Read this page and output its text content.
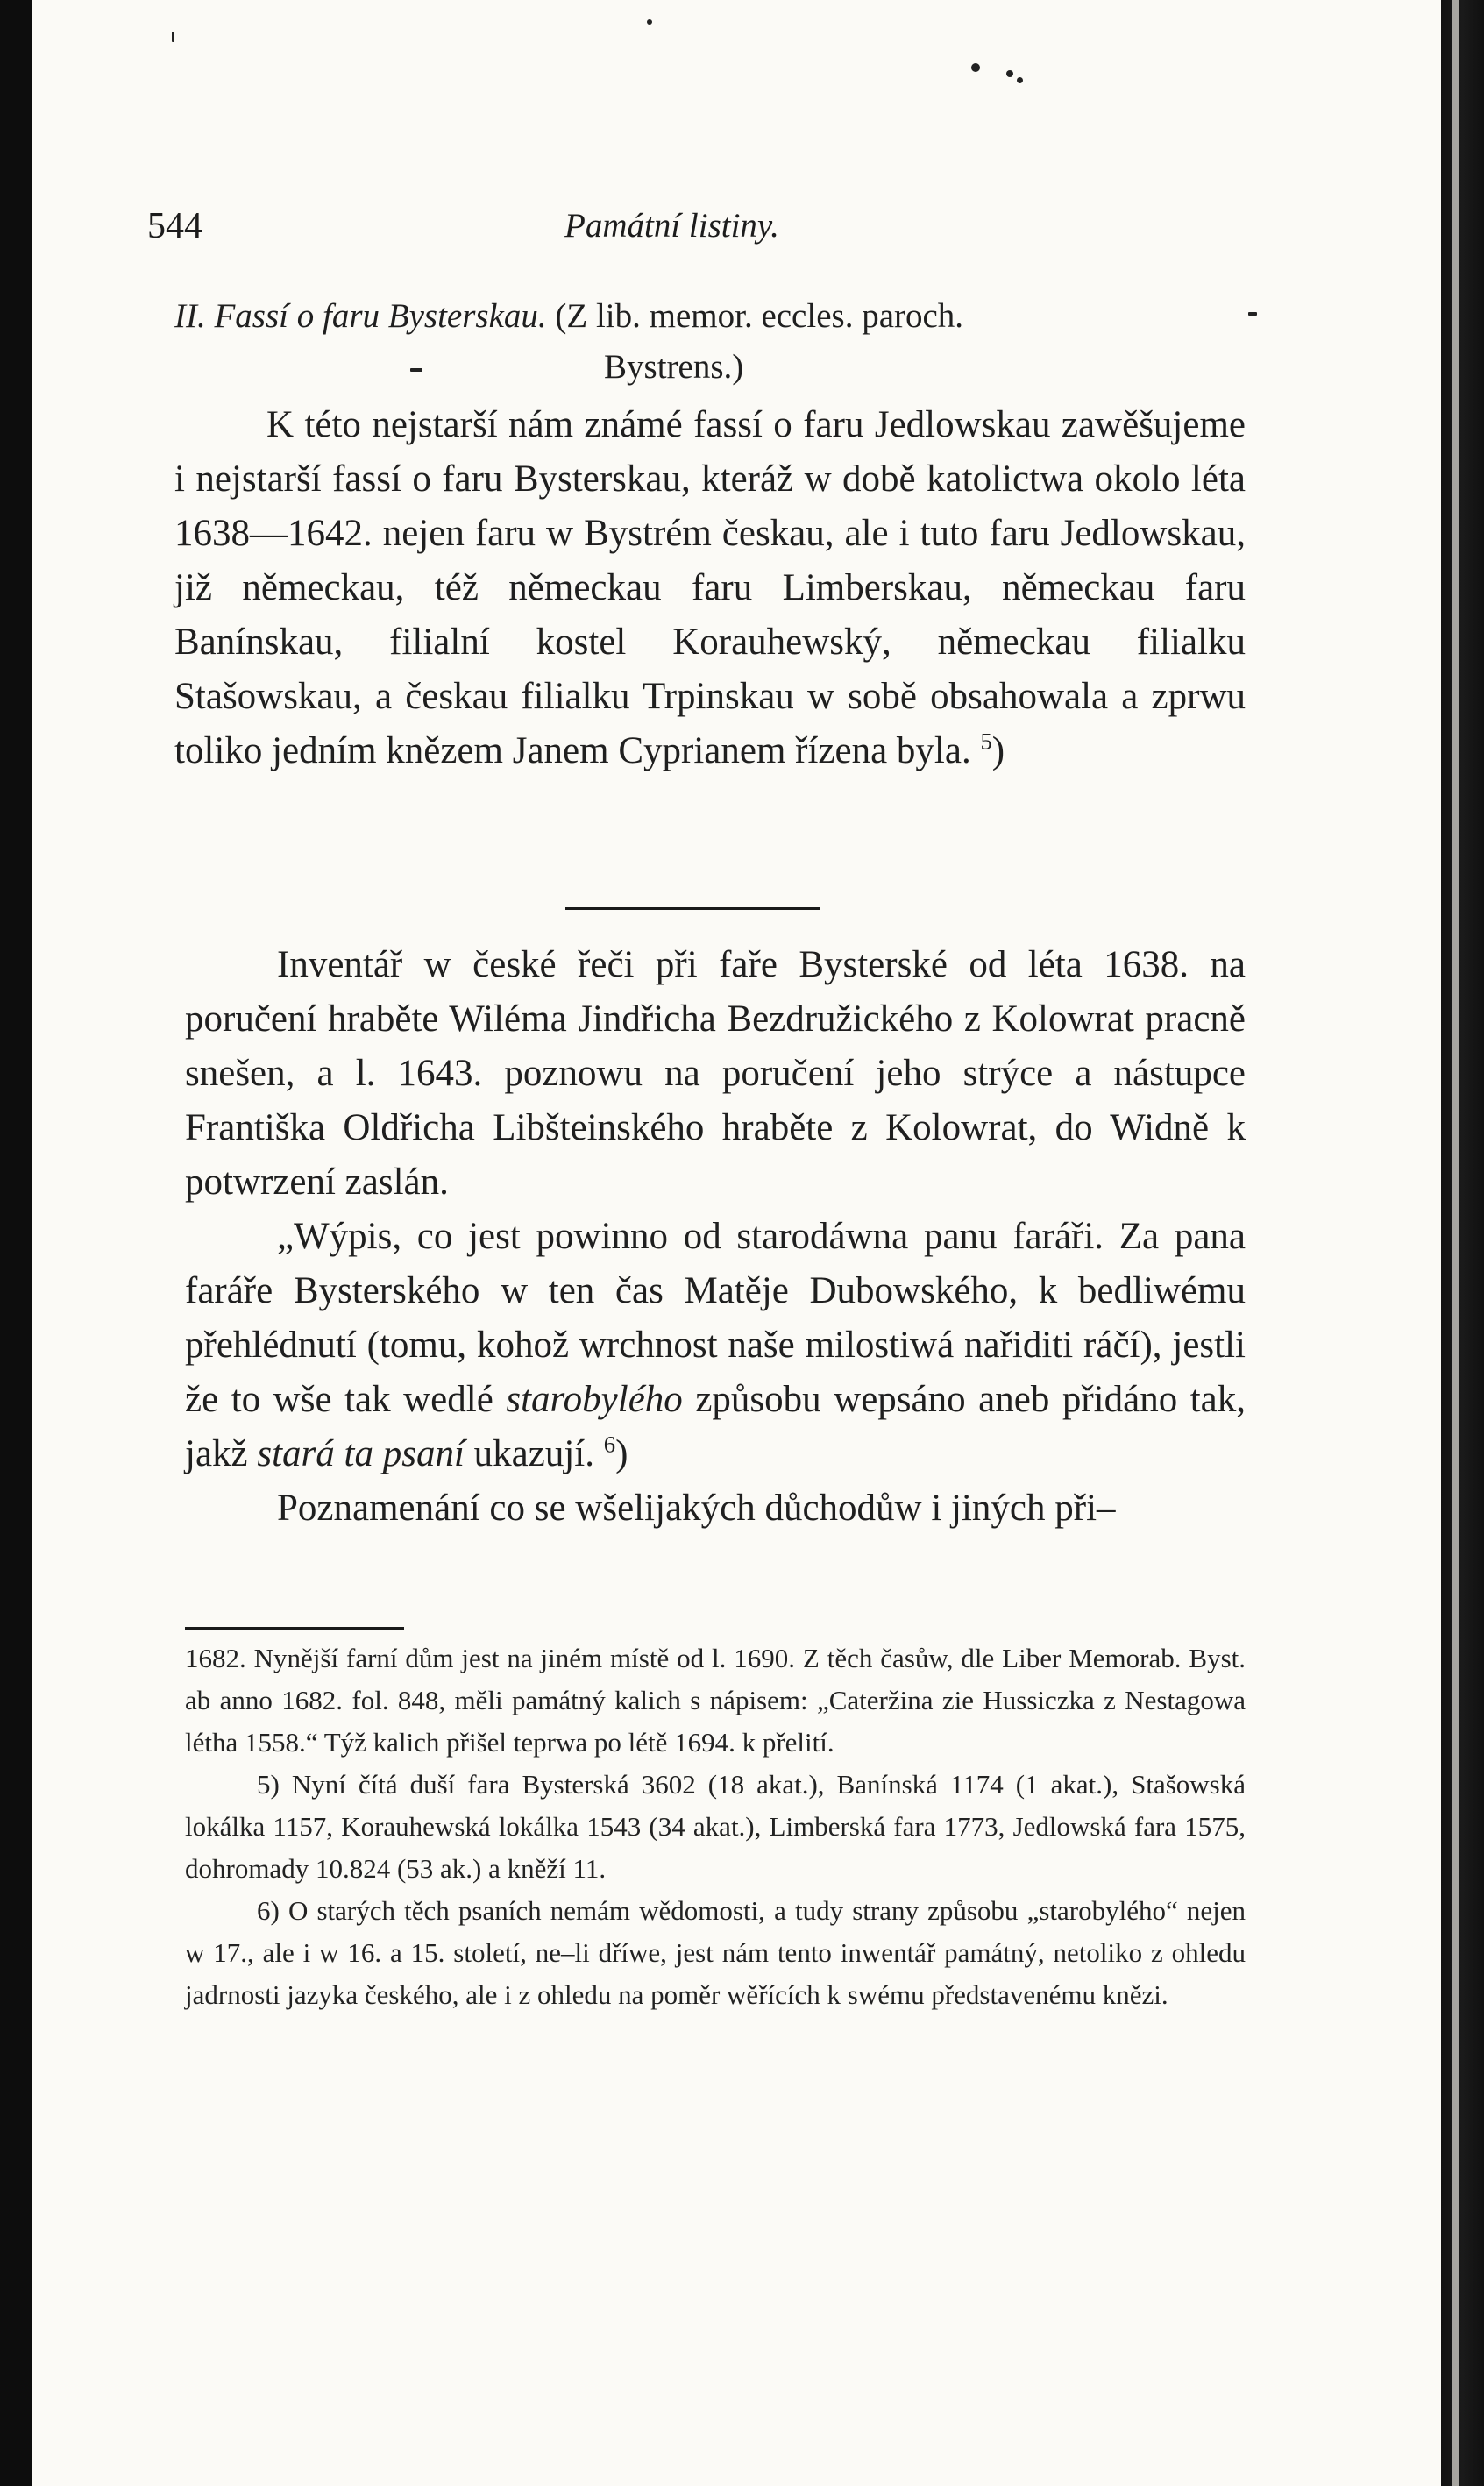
544	Památní listiny.
II. Fassí o faru Bysterskau. (Z lib. memor. eccles. paroch.
Bystrens.)

K této nejstarší nám známé fassí o faru Jedlowskau zawěšujeme i nejstarší fassí o faru Bysterskau, kteráž w době katolictwa okolo léta 1638—1642. nejen faru w Bystrém českau, ale i tuto faru Jedlowskau, již německau, též německau faru Limberskau, německau faru Banínskau, filialní kostel Korauhewský, německau filialku Stašowskau, a českau filialku Trpinskau w sobě obsahowala a zprwu toliko jedním knězem Janem Cyprianem řízena byla. $^5$)

Inventář w české řeči při faře Bysterské od léta 1638. na poručení hraběte Wiléma Jindřicha Bezdružického z Kolowrat pracně snešen, a l. 1643. poznowu na poručení jeho strýce a nástupce Františka Oldřicha Libšteinského hraběte z Kolowrat, do Widně k potwrzení zaslán.

„Wýpis, co jest powinno od starodáwna panu faráři. Za pana faráře Bysterského w ten čas Matěje Dubowského, k bedliwému přehlédnutí (tomu, kohož wrchnost naše milostiwá nařiditi ráčí), jestli že to wše tak wedlé starobylého způsobu wepsáno aneb přidáno tak, jakž stará ta psaní ukazují. $^6$)

Poznamenání co se wšelijakých důchodůw i jiných při–

1682. Nynější farní dům jest na jiném místě od l. 1690. Z těch časůw, dle Liber Memorab. Byst. ab anno 1682. fol. 848, měli památný kalich s nápisem: „Cateržina zie Hussiczka z Nestagowa létha 1558.“ Týž kalich přišel teprwa po létě 1694. k přelití.

5) Nyní čítá duší fara Bysterská 3602 (18 akat.), Banínská 1174 (1 akat.), Stašowská lokálka 1157, Korauhewská lokálka 1543 (34 akat.), Limberská fara 1773, Jedlowská fara 1575, dohromady 10.824 (53 ak.) a kněží 11.

6) O starých těch psaních nemám wědomosti, a tudy strany způsobu „starobylého“ nejen w 17., ale i w 16. a 15. století, ne–li dříwe, jest nám tento inwentář památný, netoliko z ohledu jadrnosti jazyka českého, ale i z ohledu na poměr wěřících k swému představenému knězi.
